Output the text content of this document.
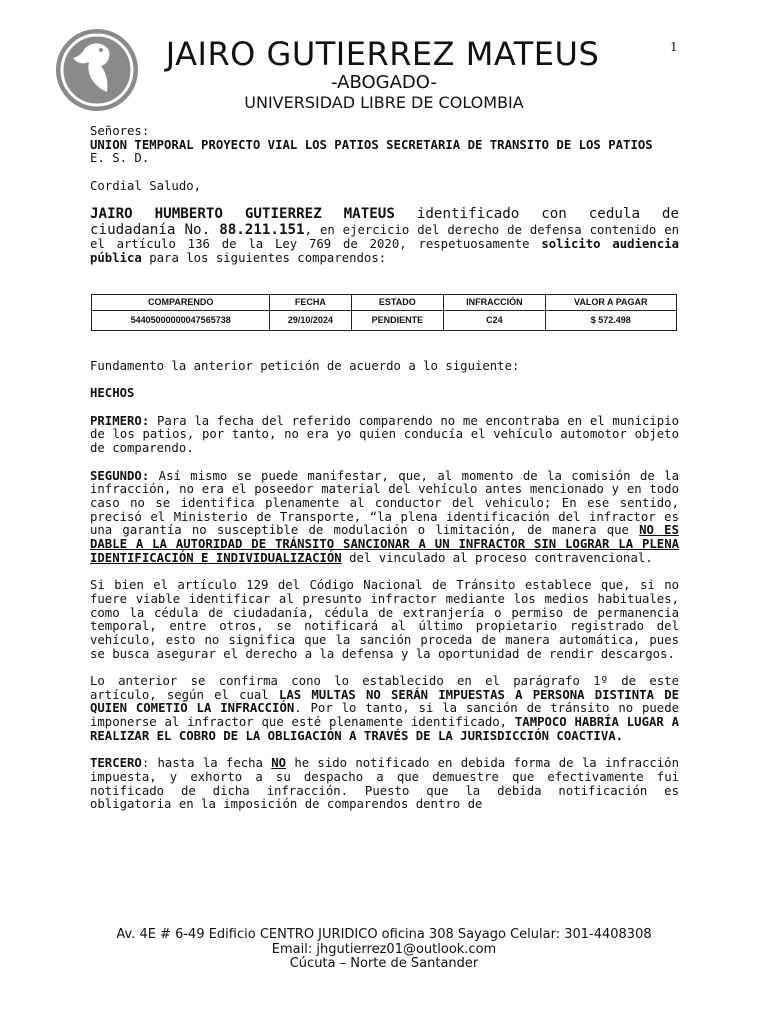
1
JAIRO GUTIERREZ MATEUS
-ABOGADO-
UNIVERSIDAD LIBRE DE COLOMBIA

Señores:

UNION TEMPORAL PROYECTO VIAL LOS PATIOS SECRETARIA DE TRANSITO DE LOS PATIOS

E. S. D.

Cordial Saludo,

JAIRO HUMBERTO GUTIERREZ MATEUS identificado con cedula de ciudadanía No. 88.211.151, en ejercicio del derecho de defensa contenido en el artículo 136 de la Ley 769 de 2020, respetuosamente solicito audiencia pública para los siguientes comparendos:

COMPARENDO	FECHA	ESTADO	INFRACCIÓN	VALOR A PAGAR
54405000000047565738	29/10/2024	PENDIENTE	C24	$ 572.498

Fundamento la anterior petición de acuerdo a lo siguiente:

HECHOS

PRIMERO: Para la fecha del referido comparendo no me encontraba en el municipio de los patios, por tanto, no era yo quien conducía el vehículo automotor objeto de comparendo.

SEGUNDO: Así mismo se puede manifestar, que, al momento de la comisión de la infracción, no era el poseedor material del vehículo antes mencionado y en todo caso no se identifica plenamente al conductor del vehiculo; En ese sentido, precisó el Ministerio de Transporte, “la plena identificación del infractor es una garantía no susceptible de modulación o limitación, de manera que NO ES DABLE A LA AUTORIDAD DE TRÁNSITO SANCIONAR A UN INFRACTOR SIN LOGRAR LA PLENA IDENTIFICACIÓN E INDIVIDUALIZACIÓN del vinculado al proceso contravencional.

Si bien el artículo 129 del Código Nacional de Tránsito establece que, si no fuere viable identificar al presunto infractor mediante los medios habituales, como la cédula de ciudadanía, cédula de extranjería o permiso de permanencia temporal, entre otros, se notificará al último propietario registrado del vehículo, esto no significa que la sanción proceda de manera automática, pues se busca asegurar el derecho a la defensa y la oportunidad de rendir descargos.

Lo anterior se confirma cono lo establecido en el parágrafo 1º de este artículo, según el cual LAS MULTAS NO SERÁN IMPUESTAS A PERSONA DISTINTA DE QUIEN COMETIÓ LA INFRACCIÓN. Por lo tanto, si la sanción de tránsito no puede imponerse al infractor que esté plenamente identificado, TAMPOCO HABRÍA LUGAR A REALIZAR EL COBRO DE LA OBLIGACIÓN A TRAVÉS DE LA JURISDICCIÓN COACTIVA.

TERCERO: hasta la fecha NO he sido notificado en debida forma de la infracción impuesta, y exhorto a su despacho a que demuestre que efectivamente fui notificado de dicha infracción. Puesto que la debida notificación es obligatoria en la imposición de comparendos dentro de

Av. 4E # 6-49 Edificio CENTRO JURIDICO oficina 308 Sayago Celular: 301-4408308
Email: jhgutierrez01@outlook.com
Cúcuta – Norte de Santander
